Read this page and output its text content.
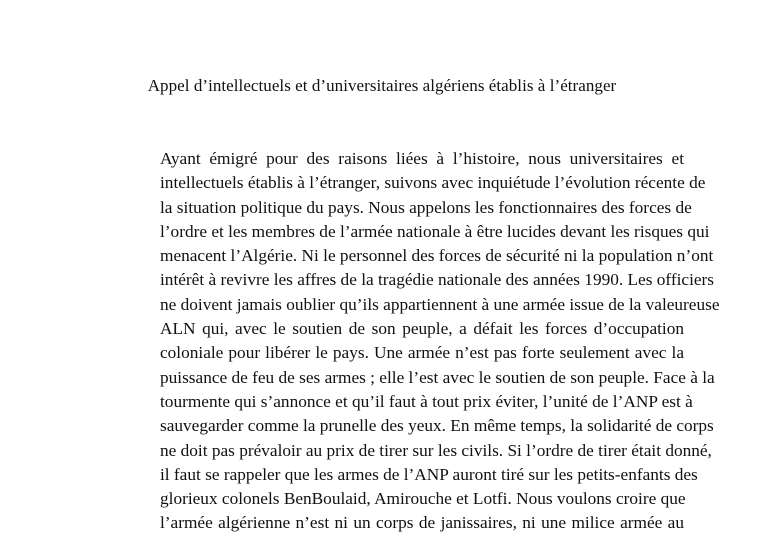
Appel d’intellectuels et d’universitaires algériens établis à l’étranger
Ayant émigré pour des raisons liées à l’histoire, nous universitaires et
intellectuels établis à l’étranger, suivons avec inquiétude l’évolution récente de
la situation politique du pays. Nous appelons les fonctionnaires des forces de
l’ordre et les membres de l’armée nationale à être lucides devant les risques qui
menacent l’Algérie. Ni le personnel des forces de sécurité ni la population n’ont
intérêt à revivre les affres de la tragédie nationale des années 1990. Les officiers
ne doivent jamais oublier qu’ils appartiennent à une armée issue de la valeureuse
ALN qui, avec le soutien de son peuple, a défait les forces d’occupation
coloniale pour libérer le pays. Une armée n’est pas forte seulement avec la
puissance de feu de ses armes ; elle l’est avec le soutien de son peuple. Face à la
tourmente qui s’annonce et qu’il faut à tout prix éviter, l’unité de l’ANP est à
sauvegarder comme la prunelle des yeux. En même temps, la solidarité de corps
ne doit pas prévaloir au prix de tirer sur les civils. Si l’ordre de tirer était donné,
il faut se rappeler que les armes de l’ANP auront tiré sur les petits-enfants des
glorieux colonels BenBoulaid, Amirouche et Lotfi. Nous voulons croire que
l’armée algérienne n’est ni un corps de janissaires, ni une milice armée au
